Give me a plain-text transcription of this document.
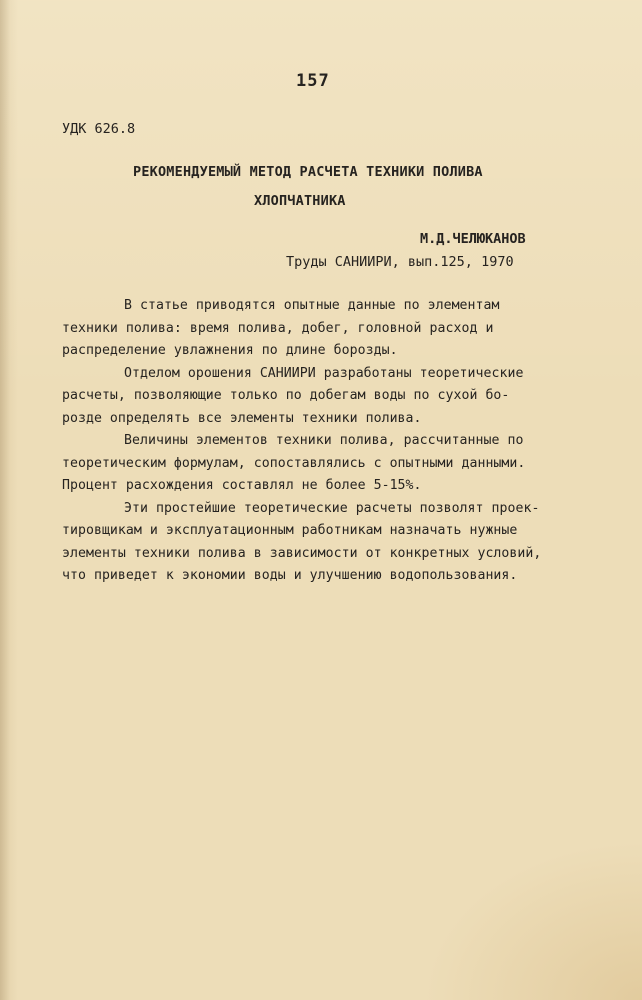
157
УДК 626.8
РЕКОМЕНДУЕМЫЙ МЕТОД РАСЧЕТА ТЕХНИКИ ПОЛИВА
ХЛОПЧАТНИКА
М.Д.ЧЕЛЮКАНОВ
Труды САНИИРИ, вып.125, 1970
В статье приводятся опытные данные по элементам
техники полива: время полива, добег, головной расход и
распределение увлажнения по длине борозды.
Отделом орошения САНИИРИ разработаны теоретические
расчеты, позволяющие только по добегам воды по сухой бо-
розде определять все элементы техники полива.
Величины элементов техники полива, рассчитанные по
теоретическим формулам, сопоставлялись с опытными данными.
Процент расхождения составлял не более 5-15%.
Эти простейшие теоретические расчеты позволят проек-
тировщикам и эксплуатационным работникам назначать нужные
элементы техники полива в зависимости от конкретных условий,
что приведет к экономии воды и улучшению водопользования.
